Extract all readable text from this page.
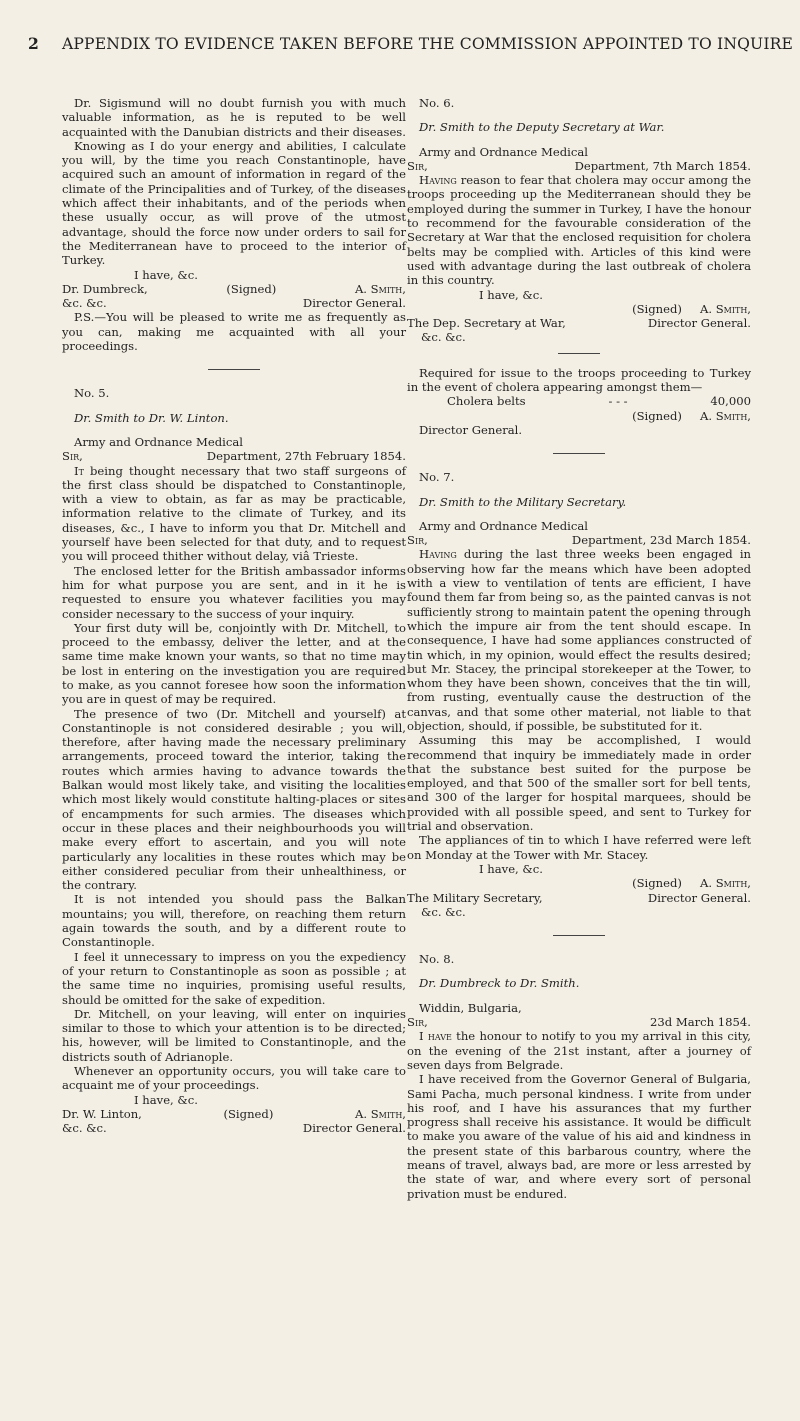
2 APPENDIX TO EVIDENCE TAKEN BEFORE THE COMMISSION APPOINTED TO INQUIRE

Dr. Sigismund will no doubt furnish you with much valuable information, as he is reputed to be well acquainted with the Danubian districts and their diseases.

Knowing as I do your energy and abilities, I calculate you will, by the time you reach Constantinople, have acquired such an amount of information in regard of the climate of the Principalities and of Turkey, of the diseases which affect their inhabitants, and of the periods when these usually occur, as will prove of the utmost advantage, should the force now under orders to sail for the Mediterranean have to proceed to the interior of Turkey.

I have, &c.

Dr. Dumbreck,	(Signed)	A. Smith,
&c. &c.	Director General.

P.S.—You will be pleased to write me as frequently as you can, making me acquainted with all your proceedings.

No. 5.

Dr. Smith to Dr. W. Linton.

Army and Ordnance Medical

Sir,	Department, 27th February 1854.

It being thought necessary that two staff surgeons of the first class should be dispatched to Constantinople, with a view to obtain, as far as may be practicable, information relative to the climate of Turkey, and its diseases, &c., I have to inform you that Dr. Mitchell and yourself have been selected for that duty, and to request you will proceed thither without delay, viâ Trieste.

The enclosed letter for the British ambassador informs him for what purpose you are sent, and in it he is requested to ensure you whatever facilities you may consider necessary to the success of your inquiry.

Your first duty will be, conjointly with Dr. Mitchell, to proceed to the embassy, deliver the letter, and at the same time make known your wants, so that no time may be lost in entering on the investigation you are required to make, as you cannot foresee how soon the information you are in quest of may be required.

The presence of two (Dr. Mitchell and yourself) at Constantinople is not considered desirable ; you will, therefore, after having made the necessary preliminary arrangements, proceed toward the interior, taking the routes which armies having to advance towards the Balkan would most likely take, and visiting the localities which most likely would constitute halting-places or sites of encampments for such armies. The diseases which occur in these places and their neighbourhoods you will make every effort to ascertain, and you will note particularly any localities in these routes which may be either considered peculiar from their unhealthiness, or the contrary.

It is not intended you should pass the Balkan mountains; you will, therefore, on reaching them return again towards the south, and by a different route to Constantinople.

I feel it unnecessary to impress on you the expediency of your return to Constantinople as soon as possible ; at the same time no inquiries, promising useful results, should be omitted for the sake of expedition.

Dr. Mitchell, on your leaving, will enter on inquiries similar to those to which your attention is to be directed; his, however, will be limited to Constantinople, and the districts south of Adrianople.

Whenever an opportunity occurs, you will take care to acquaint me of your proceedings.

I have, &c.

Dr. W. Linton,	(Signed)	A. Smith,
&c. &c.	Director General.

No. 6.

Dr. Smith to the Deputy Secretary at War.

Army and Ordnance Medical

Sir,	Department, 7th March 1854.

Having reason to fear that cholera may occur among the troops proceeding up the Mediterranean should they be employed during the summer in Turkey, I have the honour to recommend for the favourable consideration of the Secretary at War that the enclosed requisition for cholera belts may be complied with. Articles of this kind were used with advantage during the last outbreak of cholera in this country.

I have, &c.

(Signed) A. Smith,
The Dep. Secretary at War,	Director General.

&c. &c.

Required for issue to the troops proceeding to Turkey in the event of cholera appearing amongst them—

Cholera belts	- - -	40,000
(Signed) A. Smith,

Director General.

No. 7.

Dr. Smith to the Military Secretary.

Army and Ordnance Medical

Sir,	Department, 23d March 1854.

Having during the last three weeks been engaged in observing how far the means which have been adopted with a view to ventilation of tents are efficient, I have found them far from being so, as the painted canvas is not sufficiently strong to maintain patent the opening through which the impure air from the tent should escape. In consequence, I have had some appliances constructed of tin which, in my opinion, would effect the results desired; but Mr. Stacey, the principal storekeeper at the Tower, to whom they have been shown, conceives that the tin will, from rusting, eventually cause the destruction of the canvas, and that some other material, not liable to that objection, should, if possible, be substituted for it.

Assuming this may be accomplished, I would recommend that inquiry be immediately made in order that the substance best suited for the purpose be employed, and that 500 of the smaller sort for bell tents, and 300 of the larger for hospital marquees, should be provided with all possible speed, and sent to Turkey for trial and observation.

The appliances of tin to which I have referred were left on Monday at the Tower with Mr. Stacey.

I have, &c.

(Signed) A. Smith,
The Military Secretary,	Director General.

&c. &c.

No. 8.

Dr. Dumbreck to Dr. Smith.

Widdin, Bulgaria,

Sir,	23d March 1854.

I have the honour to notify to you my arrival in this city, on the evening of the 21st instant, after a journey of seven days from Belgrade.

I have received from the Governor General of Bulgaria, Sami Pacha, much personal kindness. I write from under his roof, and I have his assurances that my further progress shall receive his assistance. It would be difficult to make you aware of the value of his aid and kindness in the present state of this barbarous country, where the means of travel, always bad, are more or less arrested by the state of war, and where every sort of personal privation must be endured.
